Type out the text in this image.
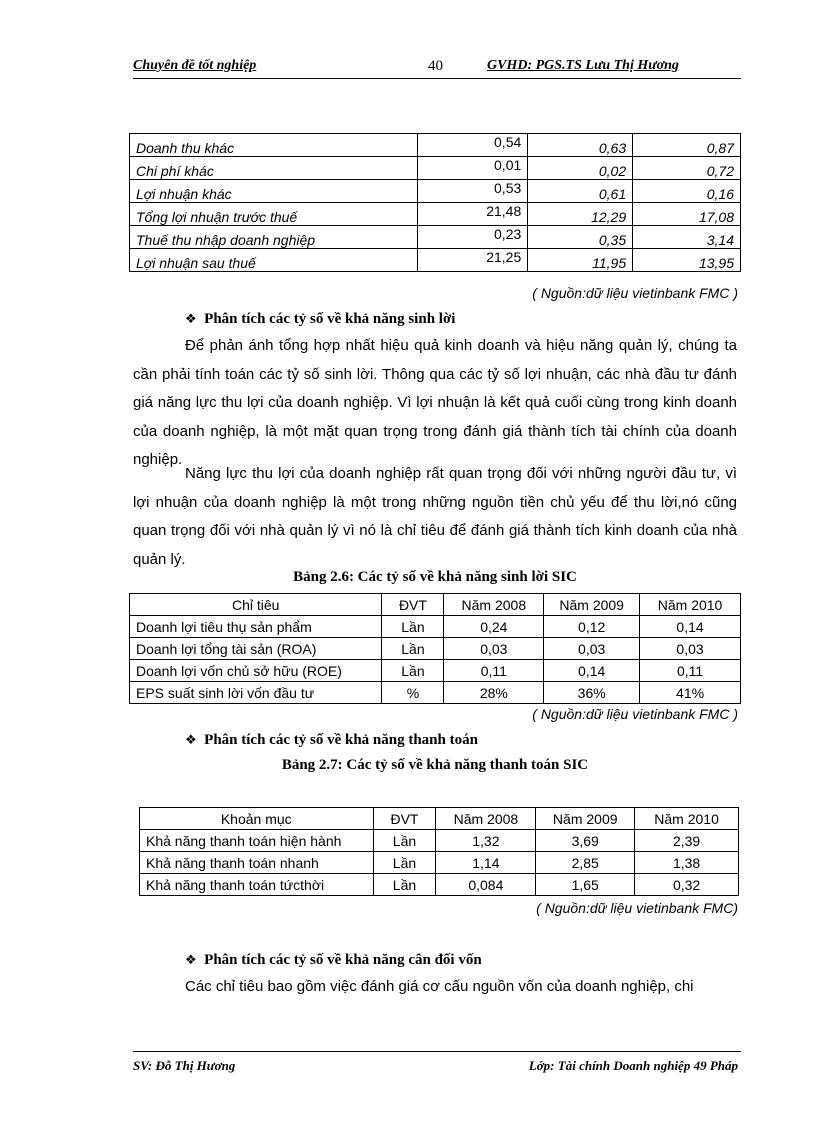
Chuyên đề tốt nghiệp	40	GVHD: PGS.TS Lưu Thị Hương
Doanh thu khác	0,54	0,63	0,87
Chi phí khác	0,01	0,02	0,72
Lợi nhuận khác	0,53	0,61	0,16
Tổng lợi nhuận trước thuế	21,48	12,29	17,08
Thuế thu nhập doanh nghiệp	0,23	0,35	3,14
Lợi nhuận sau thuế	21,25	11,95	13,95
( Nguồn:dữ liệu vietinbank FMC )
❖ Phân tích các tỷ số về khả năng sinh lời

Để phản ánh tổng hợp nhất hiệu quả kinh doanh và hiệu năng quản lý, chúng ta cần phải tính toán các tỷ số sinh lời. Thông qua các tỷ số lợi nhuận, các nhà đầu tư đánh giá năng lực thu lợi của doanh nghiệp. Vì lợi nhuận là kết quả cuối cùng trong kinh doanh của doanh nghiệp, là một mặt quan trọng trong đánh giá thành tích tài chính của doanh nghiệp.

Năng lực thu lợi của doanh nghiệp rất quan trọng đối với những người đầu tư, vì lợi nhuận của doanh nghiệp là một trong những nguồn tiền chủ yếu để thu lời,nó cũng quan trọng đối với nhà quản lý vì nó là chỉ tiêu để đánh giá thành tích kinh doanh của nhà quản lý.

Bảng 2.6: Các tỷ số về khả năng sinh lời SIC
Chỉ tiêu	ĐVT	Năm 2008	Năm 2009	Năm 2010
Doanh lợi tiêu thụ sản phẩm	Lần	0,24	0,12	0,14
Doanh lợi tổng tài sản (ROA)	Lần	0,03	0,03	0,03
Doanh lợi vốn chủ sở hữu (ROE)	Lần	0,11	0,14	0,11
EPS suất sinh lời vốn đầu tư	%	28%	36%	41%
( Nguồn:dữ liệu vietinbank FMC )
❖ Phân tích các tỷ số về khả năng thanh toán
Bảng 2.7: Các tỷ số về khả năng thanh toán SIC
Khoản mục	ĐVT	Năm 2008	Năm 2009	Năm 2010
Khả năng thanh toán hiện hành	Lần	1,32	3,69	2,39
Khả năng thanh toán nhanh	Lần	1,14	2,85	1,38
Khả năng thanh toán tứcthời	Lần	0,084	1,65	0,32
( Nguồn:dữ liệu vietinbank FMC)
❖ Phân tích các tỷ số về khả năng cân đối vốn

Các chỉ tiêu bao gồm việc đánh giá cơ cấu nguồn vốn của doanh nghiệp, chi

SV: Đỗ Thị Hương	Lớp: Tài chính Doanh nghiệp 49 Pháp
